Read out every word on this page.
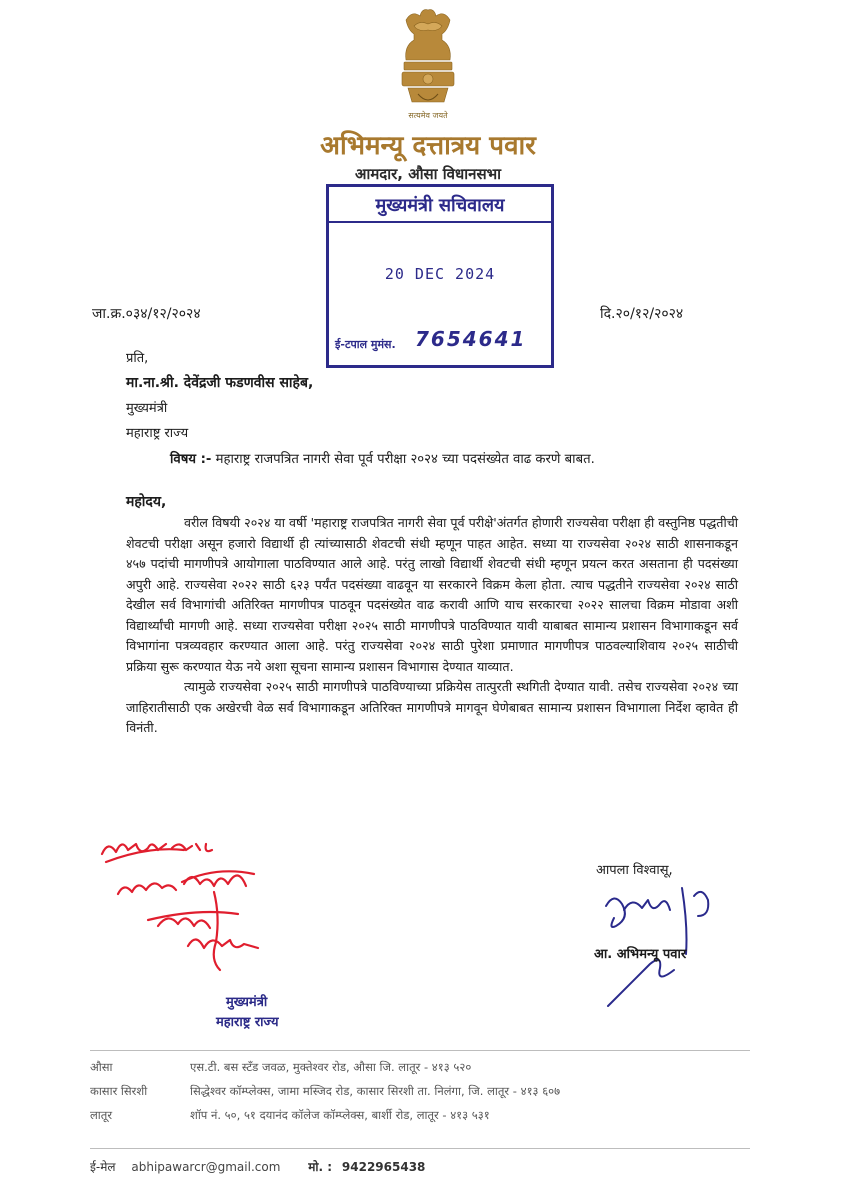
सत्यमेव जयते
अभिमन्यू दत्तात्रय पवार
आमदार, औसा विधानसभा
मुख्यमंत्री सचिवालय
20 DEC 2024
ई-टपाल मुमंस. 7654641
जा.क्र.०३४/१२/२०२४	दि.२०/१२/२०२४
प्रति,
मा.ना.श्री. देवेंद्रजी फडणवीस साहेब,
मुख्यमंत्री
महाराष्ट्र राज्य
विषय :- महाराष्ट्र राजपत्रित नागरी सेवा पूर्व परीक्षा २०२४ च्या पदसंख्येत वाढ करणे बाबत.
महोदय,

वरील विषयी २०२४ या वर्षी 'महाराष्ट्र राजपत्रित नागरी सेवा पूर्व परीक्षे'अंतर्गत होणारी राज्यसेवा परीक्षा ही वस्तुनिष्ठ पद्धतीची शेवटची परीक्षा असून हजारो विद्यार्थी ही त्यांच्यासाठी शेवटची संधी म्हणून पाहत आहेत. सध्या या राज्यसेवा २०२४ साठी शासनाकडून ४५७ पदांची मागणीपत्रे आयोगाला पाठविण्यात आले आहे. परंतु लाखो विद्यार्थी शेवटची संधी म्हणून प्रयत्न करत असताना ही पदसंख्या अपुरी आहे. राज्यसेवा २०२२ साठी ६२३ पर्यंत पदसंख्या वाढवून या सरकारने विक्रम केला होता. त्याच पद्धतीने राज्यसेवा २०२४ साठी देखील सर्व विभागांची अतिरिक्त मागणीपत्र पाठवून पदसंख्येत वाढ करावी आणि याच सरकारचा २०२२ सालचा विक्रम मोडावा अशी विद्यार्थ्यांची मागणी आहे. सध्या राज्यसेवा परीक्षा २०२५ साठी मागणीपत्रे पाठविण्यात यावी याबाबत सामान्य प्रशासन विभागाकडून सर्व विभागांना पत्रव्यवहार करण्यात आला आहे. परंतु राज्यसेवा २०२४ साठी पुरेशा प्रमाणात मागणीपत्र पाठवल्याशिवाय २०२५ साठीची प्रक्रिया सुरू करण्यात येऊ नये अशा सूचना सामान्य प्रशासन विभागास देण्यात याव्यात.

त्यामुळे राज्यसेवा २०२५ साठी मागणीपत्रे पाठविण्याच्या प्रक्रियेस तात्पुरती स्थगिती देण्यात यावी. तसेच राज्यसेवा २०२४ च्या जाहिरातीसाठी एक अखेरची वेळ सर्व विभागाकडून अतिरिक्त मागणीपत्रे मागवून घेणेबाबत सामान्य प्रशासन विभागाला निर्देश व्हावेत ही विनंती.

मुख्यमंत्री
महाराष्ट्र राज्य
आपला विश्वासू,
आ. अभिमन्यू पवार
औसा	एस.टी. बस स्टँड जवळ, मुक्तेश्वर रोड, औसा जि. लातूर - ४१३ ५२०
कासार सिरशी	सिद्धेश्वर कॉम्प्लेक्स, जामा मस्जिद रोड, कासार सिरशी ता. निलंगा, जि. लातूर - ४१३ ६०७
लातूर	शॉप नं. ५०, ५१ दयानंद कॉलेज कॉम्प्लेक्स, बार्शी रोड, लातूर - ४१३ ५३१
ई-मेल abhipawarcr@gmail.com मो. : 9422965438
